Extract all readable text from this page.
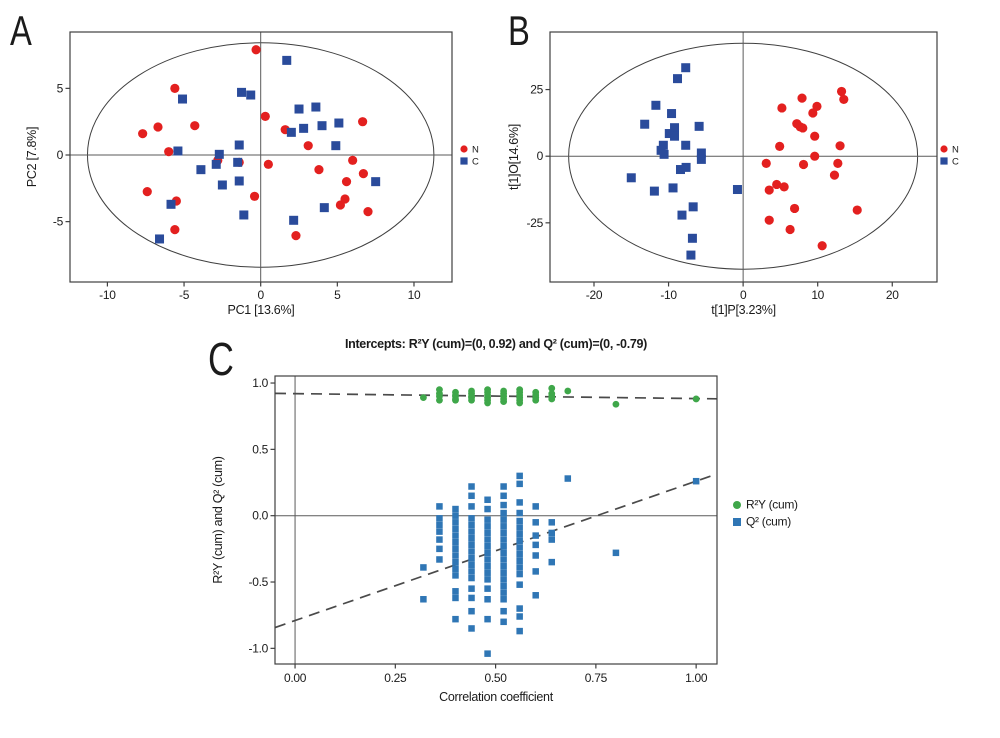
-10	-5	0	5	10
5
0
-5
PC1 [13.6%]
PC2 [7.8%]	N
C
A
-20	-10	0	10	20
25
0
-25
t[1]P[3.23%]
t[1]O[14.6%]	N
C
B
0.00	0.25	0.50	0.75	1.00
1.0
0.5
0.0
-0.5
-1.0
Correlation coefficient
R²Y (cum) and Q² (cum)
Intercepts: R²Y (cum)=(0, 0.92) and Q² (cum)=(0, -0.79)
R²Y (cum)
Q² (cum)
C
